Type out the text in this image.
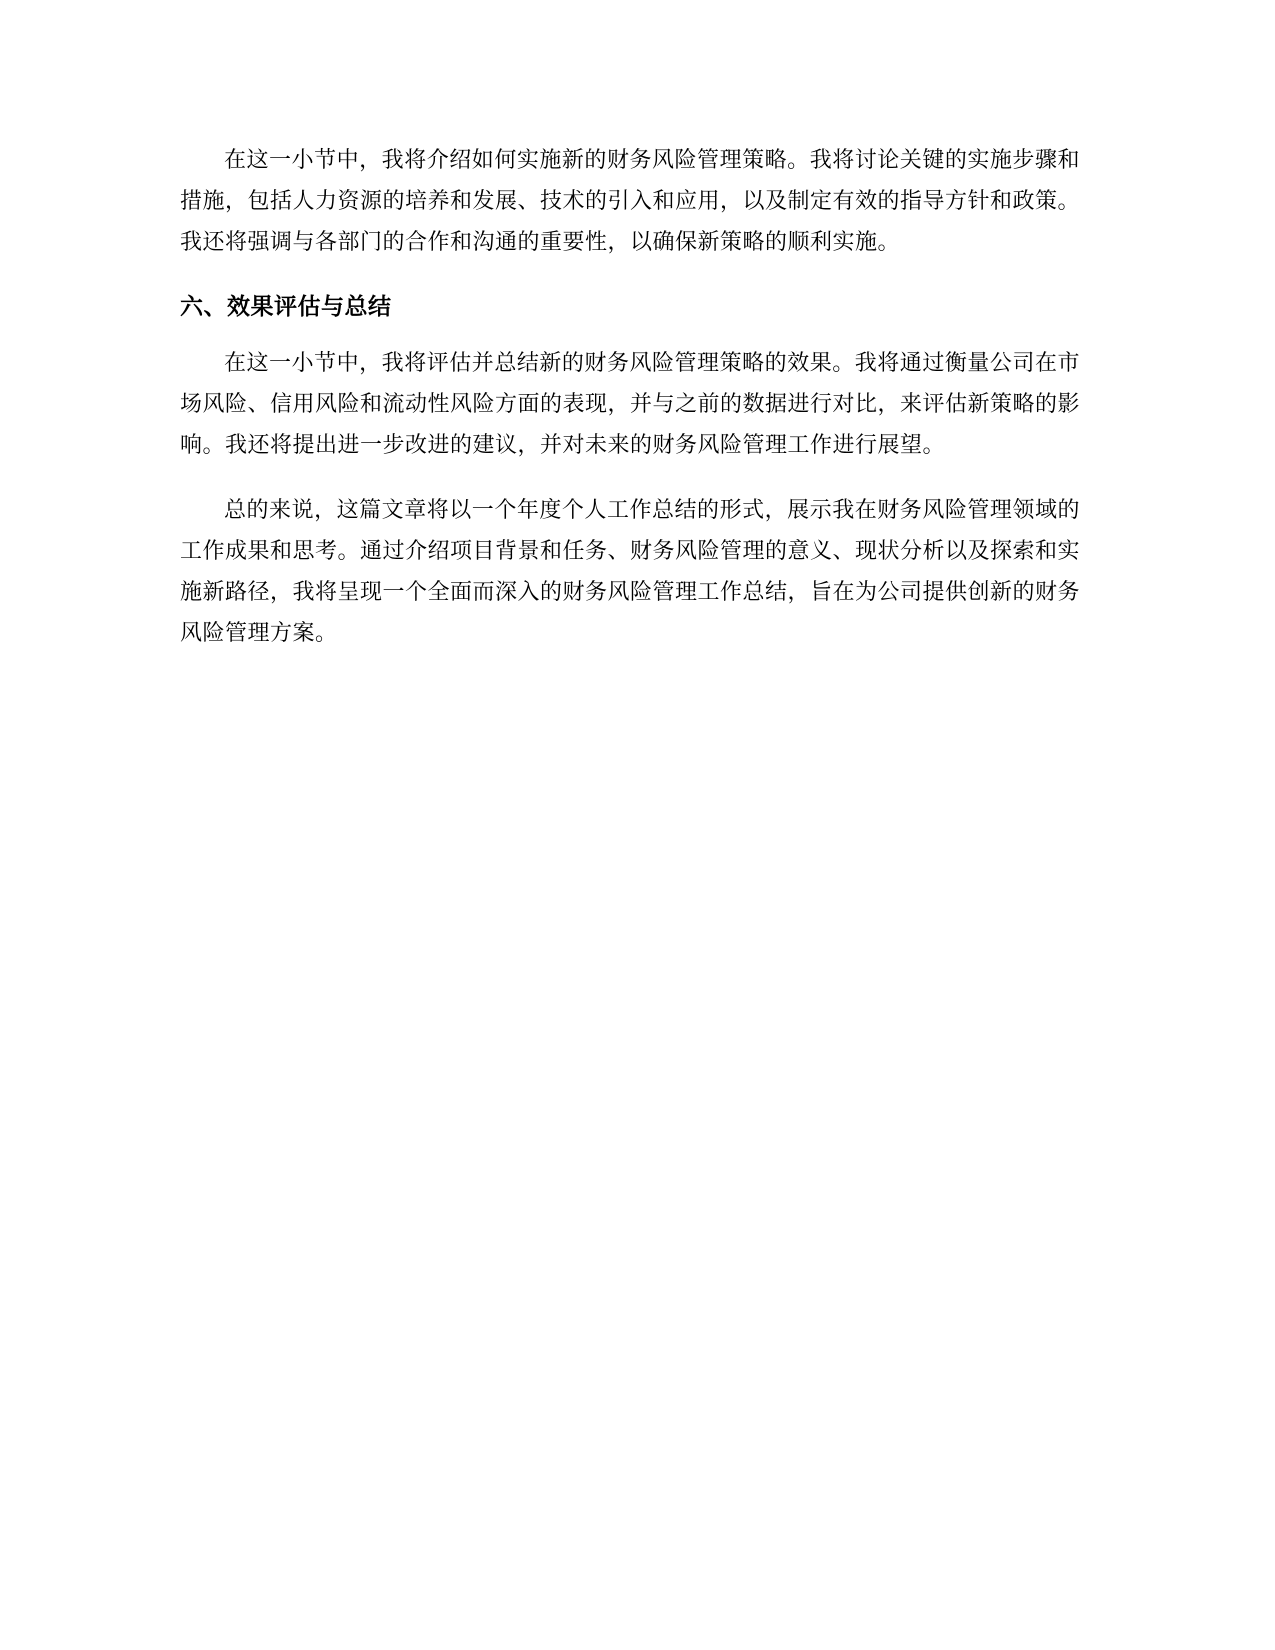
在这一小节中，我将介绍如何实施新的财务风险管理策略。我将讨论关键的实施步骤和措施，包括人力资源的培养和发展、技术的引入和应用，以及制定有效的指导方针和政策。我还将强调与各部门的合作和沟通的重要性，以确保新策略的顺利实施。

六、效果评估与总结

在这一小节中，我将评估并总结新的财务风险管理策略的效果。我将通过衡量公司在市场风险、信用风险和流动性风险方面的表现，并与之前的数据进行对比，来评估新策略的影响。我还将提出进一步改进的建议，并对未来的财务风险管理工作进行展望。

总的来说，这篇文章将以一个年度个人工作总结的形式，展示我在财务风险管理领域的工作成果和思考。通过介绍项目背景和任务、财务风险管理的意义、现状分析以及探索和实施新路径，我将呈现一个全面而深入的财务风险管理工作总结，旨在为公司提供创新的财务风险管理方案。
